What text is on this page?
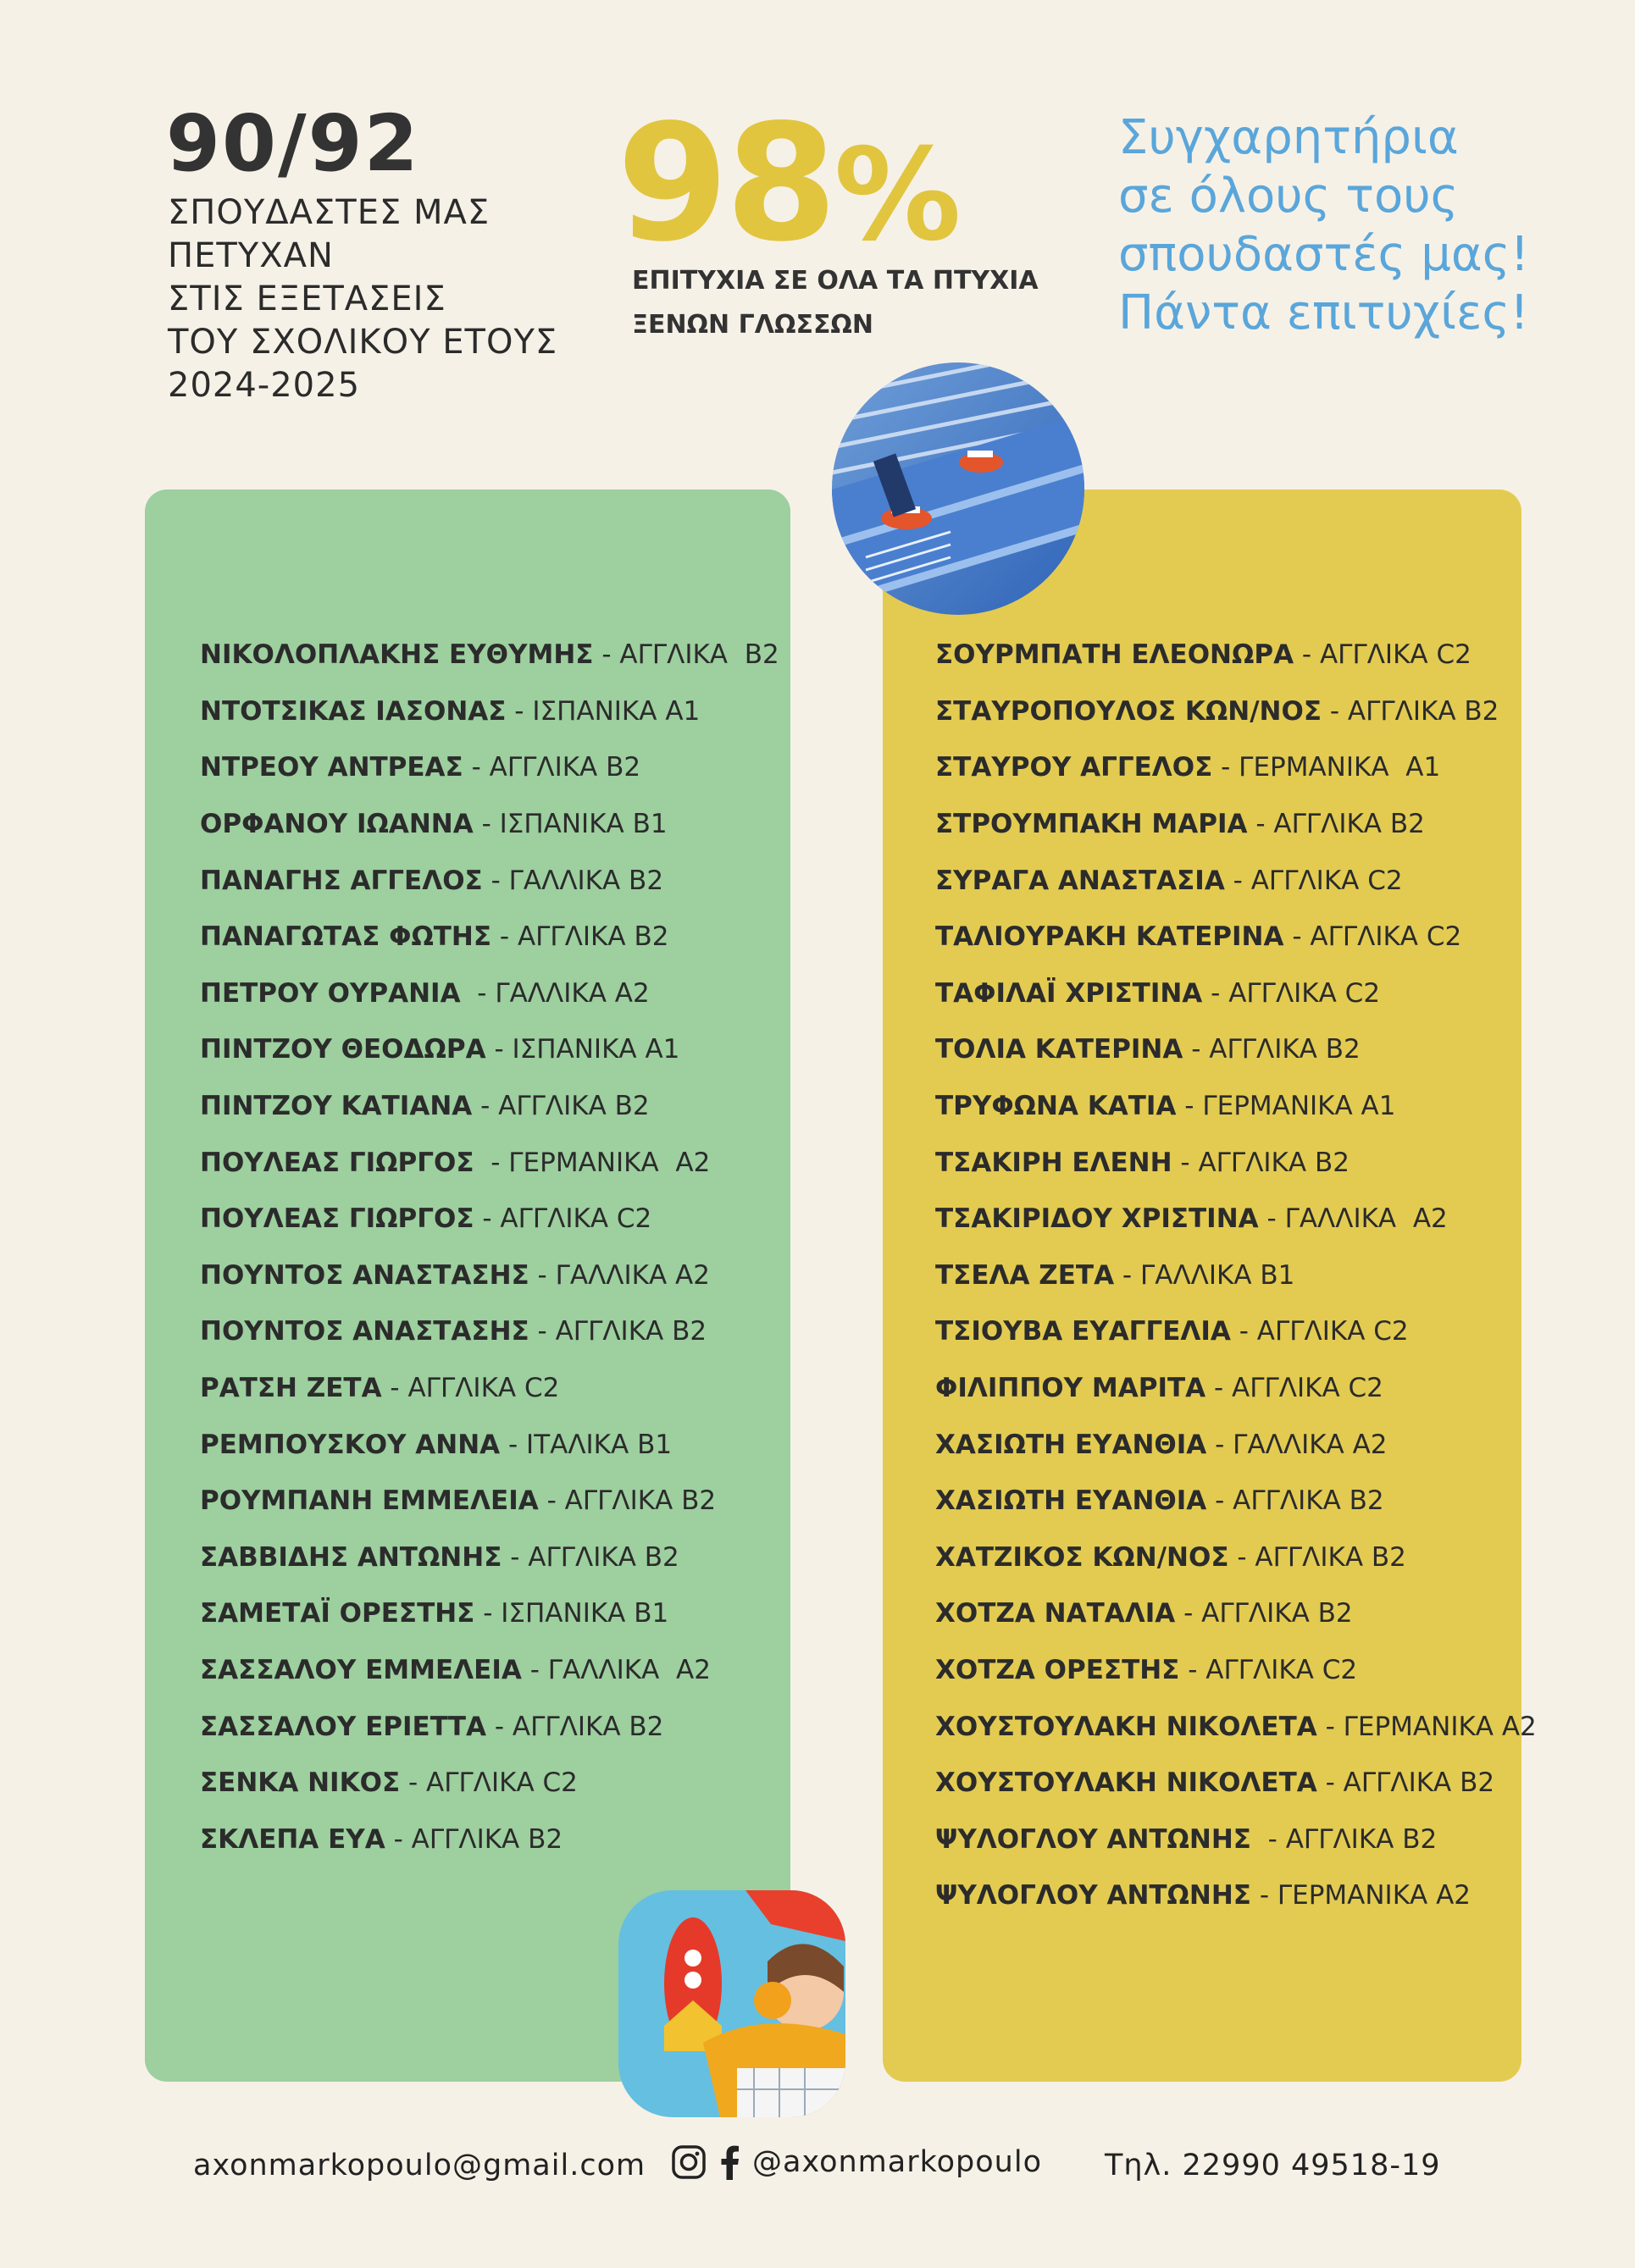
90/92
ΣΠΟΥΔΑΣΤΕΣ ΜΑΣ
ΠΕΤΥΧΑΝ
ΣΤΙΣ ΕΞΕΤΑΣΕΙΣ
ΤΟΥ ΣΧΟΛΙΚΟΥ ΕΤΟΥΣ
2024-2025
98%
ΕΠΙΤΥΧΙΑ ΣΕ ΟΛΑ ΤΑ ΠΤΥΧΙΑ
ΞΕΝΩΝ ΓΛΩΣΣΩΝ
Συγχαρητήρια
σε όλους τους
σπουδαστές μας!
Πάντα επιτυχίες!
ΝΙΚΟΛΟΠΛΑΚΗΣ ΕΥΘΥΜΗΣ - ΑΓΓΛΙΚΑ  B2
ΝΤΟΤΣΙΚΑΣ ΙΑΣΟΝΑΣ - ΙΣΠΑΝΙΚΑ Α1
ΝΤΡΕΟΥ ΑΝΤΡΕΑΣ - ΑΓΓΛΙΚΑ B2
ΟΡΦΑΝΟΥ ΙΩΑΝΝΑ - ΙΣΠΑΝΙΚΑ B1
ΠΑΝΑΓΗΣ ΑΓΓΕΛΟΣ - ΓΑΛΛΙΚΑ B2
ΠΑΝΑΓΩΤΑΣ ΦΩΤΗΣ - ΑΓΓΛΙΚΑ B2
ΠΕΤΡΟΥ ΟΥΡΑΝΙΑ - ΓΑΛΛΙΚΑ A2
ΠΙΝΤΖΟΥ ΘΕΟΔΩΡΑ - ΙΣΠΑΝΙΚΑ Α1
ΠΙΝΤΖΟΥ ΚΑΤΙΑΝΑ - ΑΓΓΛΙΚΑ B2
ΠΟΥΛΕΑΣ ΓΙΩΡΓΟΣ - ΓΕΡΜΑΝΙΚΑ  A2
ΠΟΥΛΕΑΣ ΓΙΩΡΓΟΣ - ΑΓΓΛΙΚΑ C2
ΠΟΥΝΤΟΣ ΑΝΑΣΤΑΣΗΣ - ΓΑΛΛΙΚΑ A2
ΠΟΥΝΤΟΣ ΑΝΑΣΤΑΣΗΣ - ΑΓΓΛΙΚΑ B2
ΡΑΤΣΗ ΖΕΤΑ - ΑΓΓΛΙΚΑ C2
ΡΕΜΠΟΥΣΚΟΥ ΑΝΝΑ - ΙΤΑΛΙΚΑ B1
ΡΟΥΜΠΑΝΗ ΕΜΜΕΛΕΙΑ - ΑΓΓΛΙΚΑ B2
ΣΑΒΒΙΔΗΣ ΑΝΤΩΝΗΣ - ΑΓΓΛΙΚΑ B2
ΣΑΜΕΤΑΪ ΟΡΕΣΤΗΣ - ΙΣΠΑΝΙΚΑ B1
ΣΑΣΣΑΛΟΥ ΕΜΜΕΛΕΙΑ - ΓΑΛΛΙΚΑ  A2
ΣΑΣΣΑΛΟΥ ΕΡΙΕΤΤΑ - ΑΓΓΛΙΚΑ B2
ΣΕΝΚΑ ΝΙΚΟΣ - ΑΓΓΛΙΚΑ C2
ΣΚΛΕΠΑ ΕΥΑ - ΑΓΓΛΙΚΑ B2
ΣΟΥΡΜΠΑΤΗ ΕΛΕΟΝΩΡΑ - ΑΓΓΛΙΚΑ C2
ΣΤΑΥΡΟΠΟΥΛΟΣ ΚΩΝ/ΝΟΣ - ΑΓΓΛΙΚΑ B2
ΣΤΑΥΡΟΥ ΑΓΓΕΛΟΣ - ΓΕΡΜΑΝΙΚΑ  A1
ΣΤΡΟΥΜΠΑΚΗ ΜΑΡΙΑ - ΑΓΓΛΙΚΑ B2
ΣΥΡΑΓΑ ΑΝΑΣΤΑΣΙΑ - ΑΓΓΛΙΚΑ C2
ΤΑΛΙΟΥΡΑΚΗ ΚΑΤΕΡΙΝΑ - ΑΓΓΛΙΚΑ C2
ΤΑΦΙΛΑΪ ΧΡΙΣΤΙΝΑ - ΑΓΓΛΙΚΑ C2
ΤΟΛΙΑ ΚΑΤΕΡΙΝΑ - ΑΓΓΛΙΚΑ B2
ΤΡΥΦΩΝΑ ΚΑΤΙΑ - ΓΕΡΜΑΝΙΚΑ A1
ΤΣΑΚΙΡΗ ΕΛΕΝΗ - ΑΓΓΛΙΚΑ B2
ΤΣΑΚΙΡΙΔΟΥ ΧΡΙΣΤΙΝΑ - ΓΑΛΛΙΚΑ  A2
ΤΣΕΛΑ ΖΕΤΑ - ΓΑΛΛΙΚΑ B1
ΤΣΙΟΥΒΑ ΕΥΑΓΓΕΛΙΑ - ΑΓΓΛΙΚΑ C2
ΦΙΛΙΠΠΟΥ ΜΑΡΙΤΑ - ΑΓΓΛΙΚΑ C2
ΧΑΣΙΩΤΗ ΕΥΑΝΘΙΑ - ΓΑΛΛΙΚΑ A2
ΧΑΣΙΩΤΗ ΕΥΑΝΘΙΑ - ΑΓΓΛΙΚΑ B2
ΧΑΤΖΙΚΟΣ ΚΩΝ/ΝΟΣ - ΑΓΓΛΙΚΑ B2
ΧΟΤΖΑ ΝΑΤΑΛΙΑ - ΑΓΓΛΙΚΑ B2
ΧΟΤΖΑ ΟΡΕΣΤΗΣ - ΑΓΓΛΙΚΑ C2
ΧΟΥΣΤΟΥΛΑΚΗ ΝΙΚΟΛΕΤΑ - ΓΕΡΜΑΝΙΚΑ A2
ΧΟΥΣΤΟΥΛΑΚΗ ΝΙΚΟΛΕΤΑ - ΑΓΓΛΙΚΑ B2
ΨΥΛΟΓΛΟΥ ΑΝΤΩΝΗΣ - ΑΓΓΛΙΚΑ B2
ΨΥΛΟΓΛΟΥ ΑΝΤΩΝΗΣ - ΓΕΡΜΑΝΙΚΑ A2
axonmarkopoulo@gmail.com	@axonmarkopoulo Τηλ. 22990 49518-19
